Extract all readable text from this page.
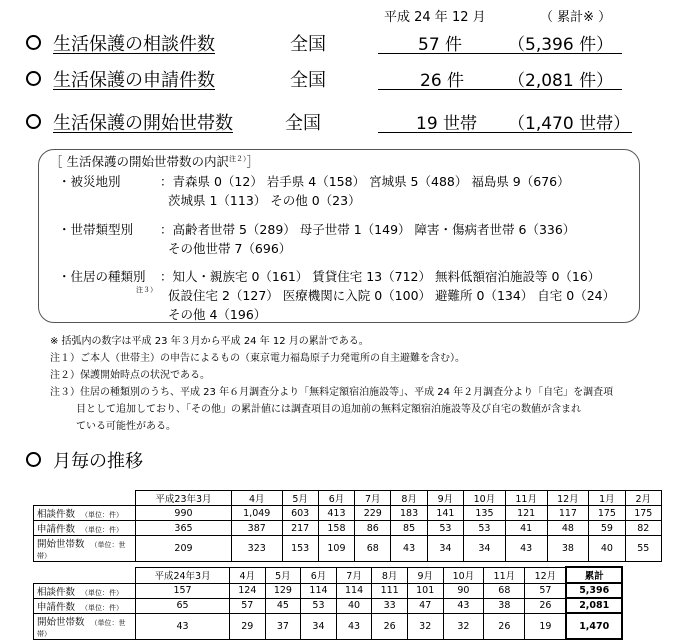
平成 24 年 12 月	（ 累計※ ）
生活保護の相談件数	全国	57 件	（5,396 件）
生活保護の申請件数	全国	26 件	（2,081 件）
生活保護の開始世帯数	全国	19 世帯 （1,470 世帯）
［ 生活保護の開始世帯数の内訳$^{注2)}$］
・被災地別	：青森県 0（12） 岩手県 4（158） 宮城県 5（488） 福島県 9（676）
茨城県 1（113） その他 0（23）
・世帯類型別 ：高齢者世帯 5（289） 母子世帯 1（149） 障害・傷病者世帯 6（336）
その他世帯 7（696）
・住居の種類別
注３）
：知人・親族宅 0（161） 賃貸住宅 13（712） 無料低額宿泊施設等 0（16）
仮設住宅 2（127） 医療機関に入院 0（100） 避難所 0（134） 自宅 0（24）
その他 4（196）
※ 括弧内の数字は平成 23 年３月から平成 24 年 12 月の累計である。
注１）ご本人（世帯主）の申告によるもの（東京電力福島原子力発電所の自主避難を含む）。
注２）保護開始時点の状況である。
注３）住居の種類別のうち、平成 23 年６月調査分より「無料定額宿泊施設等」、平成 24 年２月調査分より「自宅」を調査項
目として追加しており、「その他」の累計値には調査項目の追加前の無料定額宿泊施設等及び自宅の数値が含まれ
ている可能性がある。
月毎の推移
	平成23年3月	4月	5月	6月	7月	8月	9月	10月	11月	12月	1月	2月
相談件数 （単位：件）	990	1,049	603	413	229	183	141	135	121	117	175	175
申請件数 （単位：件）	365	387	217	158	86	85	53	53	41	48	59	82
開始世帯数 （単位：世帯）	209	323	153	109	68	43	34	34	43	38	40	55
	平成24年3月	4月	5月	6月	7月	8月	9月	10月	11月	12月	累計
相談件数 （単位：件）	157	124	129	114	114	111	101	90	68	57	5,396
申請件数 （単位：件）	65	57	45	53	40	33	47	43	38	26	2,081
開始世帯数 （単位：世帯）	43	29	37	34	43	26	32	32	26	19	1,470
